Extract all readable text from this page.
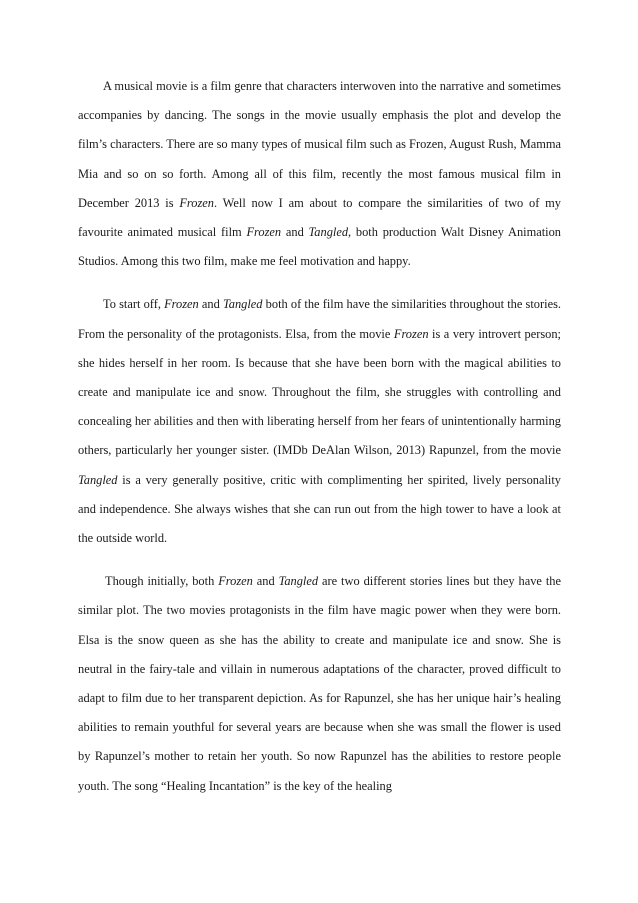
A musical movie is a film genre that characters interwoven into the narrative and sometimes accompanies by dancing. The songs in the movie usually emphasis the plot and develop the film’s characters. There are so many types of musical film such as Frozen, August Rush, Mamma Mia and so on so forth. Among all of this film, recently the most famous musical film in December 2013 is Frozen. Well now I am about to compare the similarities of two of my favourite animated musical film Frozen and Tangled, both production Walt Disney Animation Studios. Among this two film, make me feel motivation and happy.

To start off, Frozen and Tangled both of the film have the similarities throughout the stories. From the personality of the protagonists. Elsa, from the movie Frozen is a very introvert person; she hides herself in her room. Is because that she have been born with the magical abilities to create and manipulate ice and snow. Throughout the film, she struggles with controlling and concealing her abilities and then with liberating herself from her fears of unintentionally harming others, particularly her younger sister. (IMDb DeAlan Wilson, 2013) Rapunzel, from the movie Tangled is a very generally positive, critic with complimenting her spirited, lively personality and independence. She always wishes that she can run out from the high tower to have a look at the outside world.

Though initially, both Frozen and Tangled are two different stories lines but they have the similar plot. The two movies protagonists in the film have magic power when they were born. Elsa is the snow queen as she has the ability to create and manipulate ice and snow. She is neutral in the fairy-tale and villain in numerous adaptations of the character, proved difficult to adapt to film due to her transparent depiction. As for Rapunzel, she has her unique hair’s healing abilities to remain youthful for several years are because when she was small the flower is used by Rapunzel’s mother to retain her youth. So now Rapunzel has the abilities to restore people youth. The song “Healing Incantation” is the key of the healing
